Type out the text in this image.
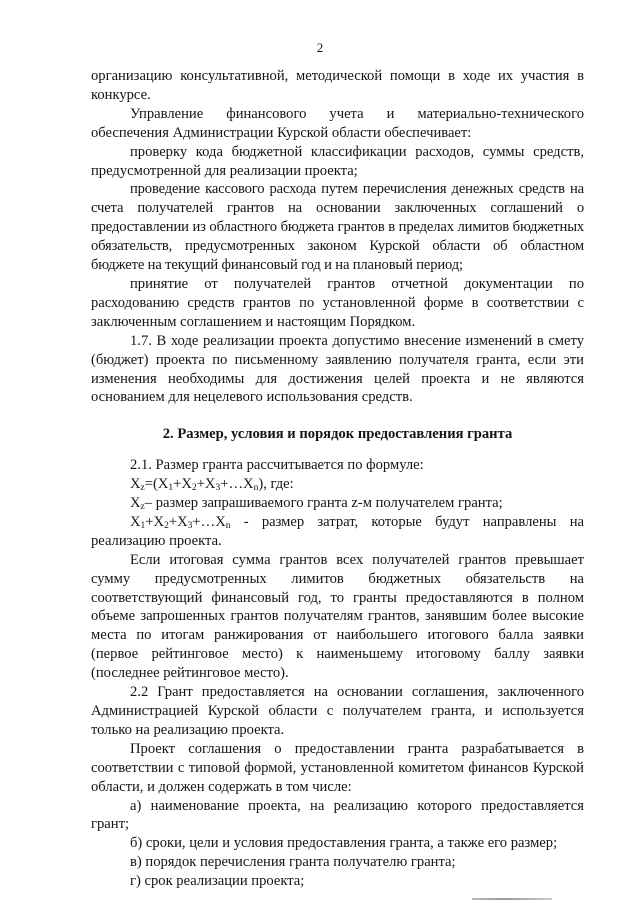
2

организацию консультативной, методической помощи в ходе их участия в конкурсе.

Управление финансового учета и материально-технического обеспечения Администрации Курской области обеспечивает:

проверку кода бюджетной классификации расходов, суммы средств, предусмотренной для реализации проекта;

проведение кассового расхода путем перечисления денежных средств на счета получателей грантов на основании заключенных соглашений о предоставлении из областного бюджета грантов в пределах лимитов бюджетных обязательств, предусмотренных законом Курской области об областном бюджете на текущий финансовый год и на плановый период;

принятие от получателей грантов отчетной документации по расходованию средств грантов по установленной форме в соответствии с заключенным соглашением и настоящим Порядком.

1.7. В ходе реализации проекта допустимо внесение изменений в смету (бюджет) проекта по письменному заявлению получателя гранта, если эти изменения необходимы для достижения целей проекта и не являются основанием для нецелевого использования средств.

2. Размер, условия и порядок предоставления гранта

2.1. Размер гранта рассчитывается по формуле:

$X_z=(X_1+X_2+X_3+\dots X_n)$, где:

$X_z-$ размер запрашиваемого гранта z-м получателем гранта;

$X_1+X_2+X_3+\dots X_n$ - размер затрат, которые будут направлены на реализацию проекта.

Если итоговая сумма грантов всех получателей грантов превышает сумму предусмотренных лимитов бюджетных обязательств на соответствующий финансовый год, то гранты предоставляются в полном объеме запрошенных грантов получателям грантов, занявшим более высокие места по итогам ранжирования от наибольшего итогового балла заявки (первое рейтинговое место) к наименьшему итоговому баллу заявки (последнее рейтинговое место).

2.2 Грант предоставляется на основании соглашения, заключенного Администрацией Курской области с получателем гранта, и используется только на реализацию проекта.

Проект соглашения о предоставлении гранта разрабатывается в соответствии с типовой формой, установленной комитетом финансов Курской области, и должен содержать в том числе:

а) наименование проекта, на реализацию которого предоставляется грант;

б) сроки, цели и условия предоставления гранта, а также его размер;

в) порядок перечисления гранта получателю гранта;

г) срок реализации проекта;
